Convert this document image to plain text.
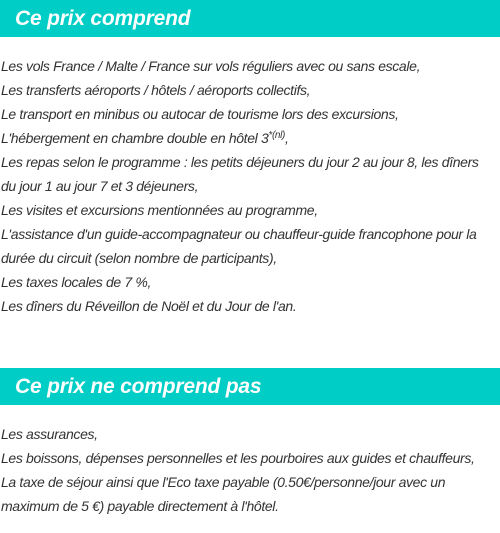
Ce prix comprend
Les vols France / Malte / France sur vols réguliers avec ou sans escale,
Les transferts aéroports / hôtels / aéroports collectifs,
Le transport en minibus ou autocar de tourisme lors des excursions,
L'hébergement en chambre double en hôtel $3^{*(nl)}$,
Les repas selon le programme : les petits déjeuners du jour 2 au jour 8, les dîners du jour 1 au jour 7 et 3 déjeuners,
Les visites et excursions mentionnées au programme,
L'assistance d'un guide-accompagnateur ou chauffeur-guide francophone pour la durée du circuit (selon nombre de participants),
Les taxes locales de 7 %,
Les dîners du Réveillon de Noël et du Jour de l'an.
Ce prix ne comprend pas
Les assurances,
Les boissons, dépenses personnelles et les pourboires aux guides et chauffeurs,
La taxe de séjour ainsi que l'Eco taxe payable (0.50€/personne/jour avec un maximum de 5 €) payable directement à l'hôtel.
